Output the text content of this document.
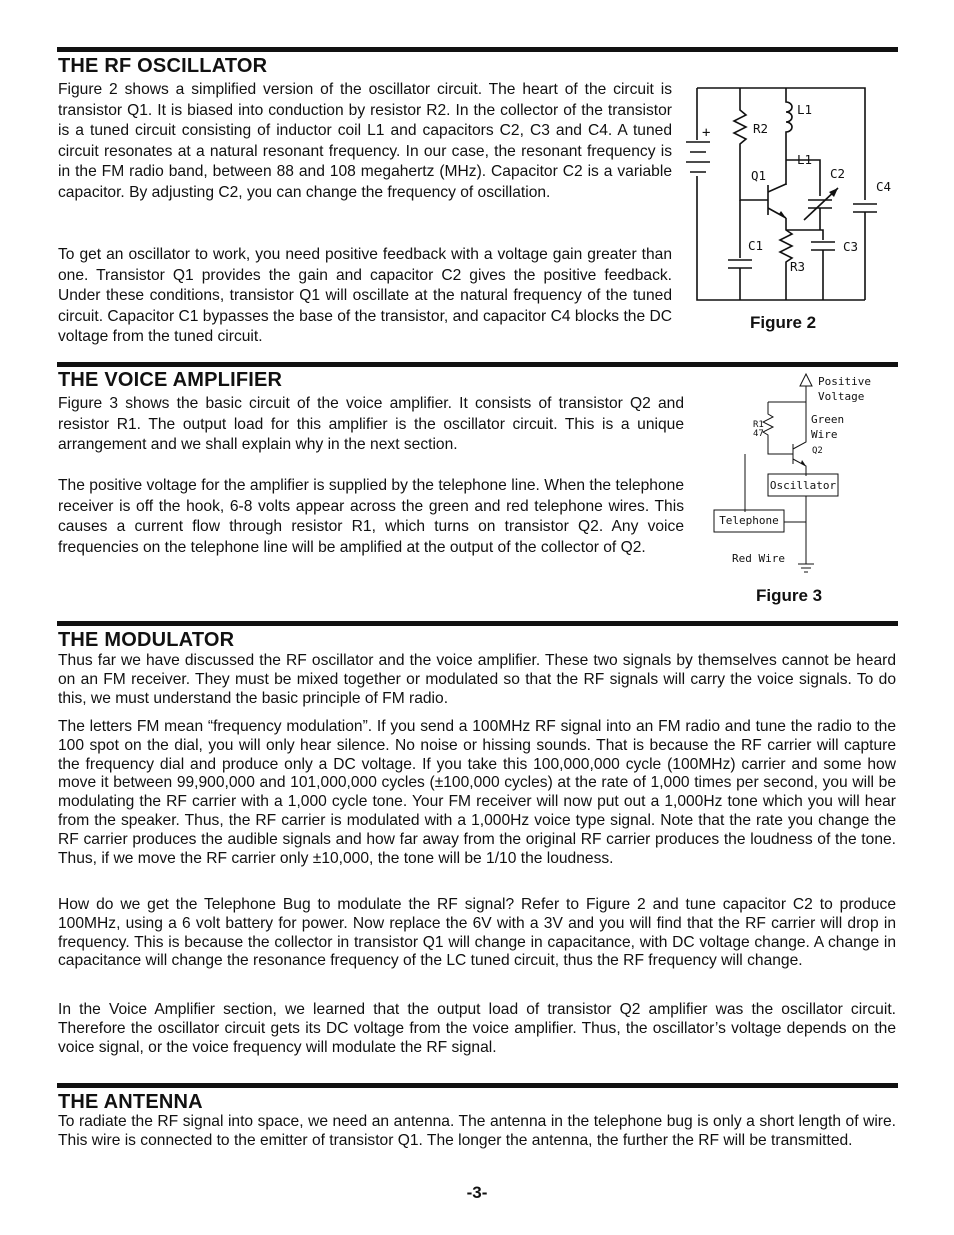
THE RF OSCILLATOR

Figure 2 shows a simplified version of the oscillator circuit. The heart of the circuit is transistor Q1. It is biased into conduction by resistor R2. In the collector of the transistor is a tuned circuit consisting of inductor coil L1 and capacitors C2, C3 and C4. A tuned circuit resonates at a natural resonant frequency. In our case, the resonant frequency is in the FM radio band, between 88 and 108 megahertz (MHz). Capacitor C2 is a variable capacitor. By adjusting C2, you can change the frequency of oscillation.

To get an oscillator to work, you need positive feedback with a voltage gain greater than one. Transistor Q1 provides the gain and capacitor C2 gives the positive feedback. Under these conditions, transistor Q1 will oscillate at the natural frequency of the tuned circuit. Capacitor C1 bypasses the base of the transistor, and capacitor C4 blocks the DC voltage from the tuned circuit.

+	R2
L1
L1
Q1	C2
C4
C1
R3
C3
Figure 2
THE VOICE AMPLIFIER

Figure 3 shows the basic circuit of the voice amplifier. It consists of transistor Q2 and resistor R1. The output load for this amplifier is the oscillator circuit. This is a unique arrangement and we shall explain why in the next section.

The positive voltage for the amplifier is supplied by the telephone line. When the telephone receiver is off the hook, 6-8 volts appear across the green and red telephone wires. This causes a current flow through resistor R1, which turns on transistor Q2. Any voice frequencies on the telephone line will be amplified at the output of the collector of Q2.

Positive
Voltage
R1
47
Green
Wire
Q2
Oscillator
Telephone
Red Wire
Figure 3
THE MODULATOR

Thus far we have discussed the RF oscillator and the voice amplifier. These two signals by themselves cannot be heard on an FM receiver. They must be mixed together or modulated so that the RF signals will carry the voice signals. To do this, we must understand the basic principle of FM radio.

The letters FM mean “frequency modulation”. If you send a 100MHz RF signal into an FM radio and tune the radio to the 100 spot on the dial, you will only hear silence. No noise or hissing sounds. That is because the RF carrier will capture the frequency dial and produce only a DC voltage. If you take this 100,000,000 cycle (100MHz) carrier and some how move it between 99,900,000 and 101,000,000 cycles (±100,000 cycles) at the rate of 1,000 times per second, you will be modulating the RF carrier with a 1,000 cycle tone. Your FM receiver will now put out a 1,000Hz tone which you will hear from the speaker. Thus, the RF carrier is modulated with a 1,000Hz voice type signal. Note that the rate you change the RF carrier produces the audible signals and how far away from the original RF carrier produces the loudness of the tone. Thus, if we move the RF carrier only ±10,000, the tone will be 1/10 the loudness.

How do we get the Telephone Bug to modulate the RF signal? Refer to Figure 2 and tune capacitor C2 to produce 100MHz, using a 6 volt battery for power. Now replace the 6V with a 3V and you will find that the RF carrier will drop in frequency. This is because the collector in transistor Q1 will change in capacitance, with DC voltage change. A change in capacitance will change the resonance frequency of the LC tuned circuit, thus the RF frequency will change.

In the Voice Amplifier section, we learned that the output load of transistor Q2 amplifier was the oscillator circuit. Therefore the oscillator circuit gets its DC voltage from the voice amplifier. Thus, the oscillator’s voltage depends on the voice signal, or the voice frequency will modulate the RF signal.

THE ANTENNA

To radiate the RF signal into space, we need an antenna. The antenna in the telephone bug is only a short length of wire. This wire is connected to the emitter of transistor Q1. The longer the antenna, the further the RF will be transmitted.

-3-
